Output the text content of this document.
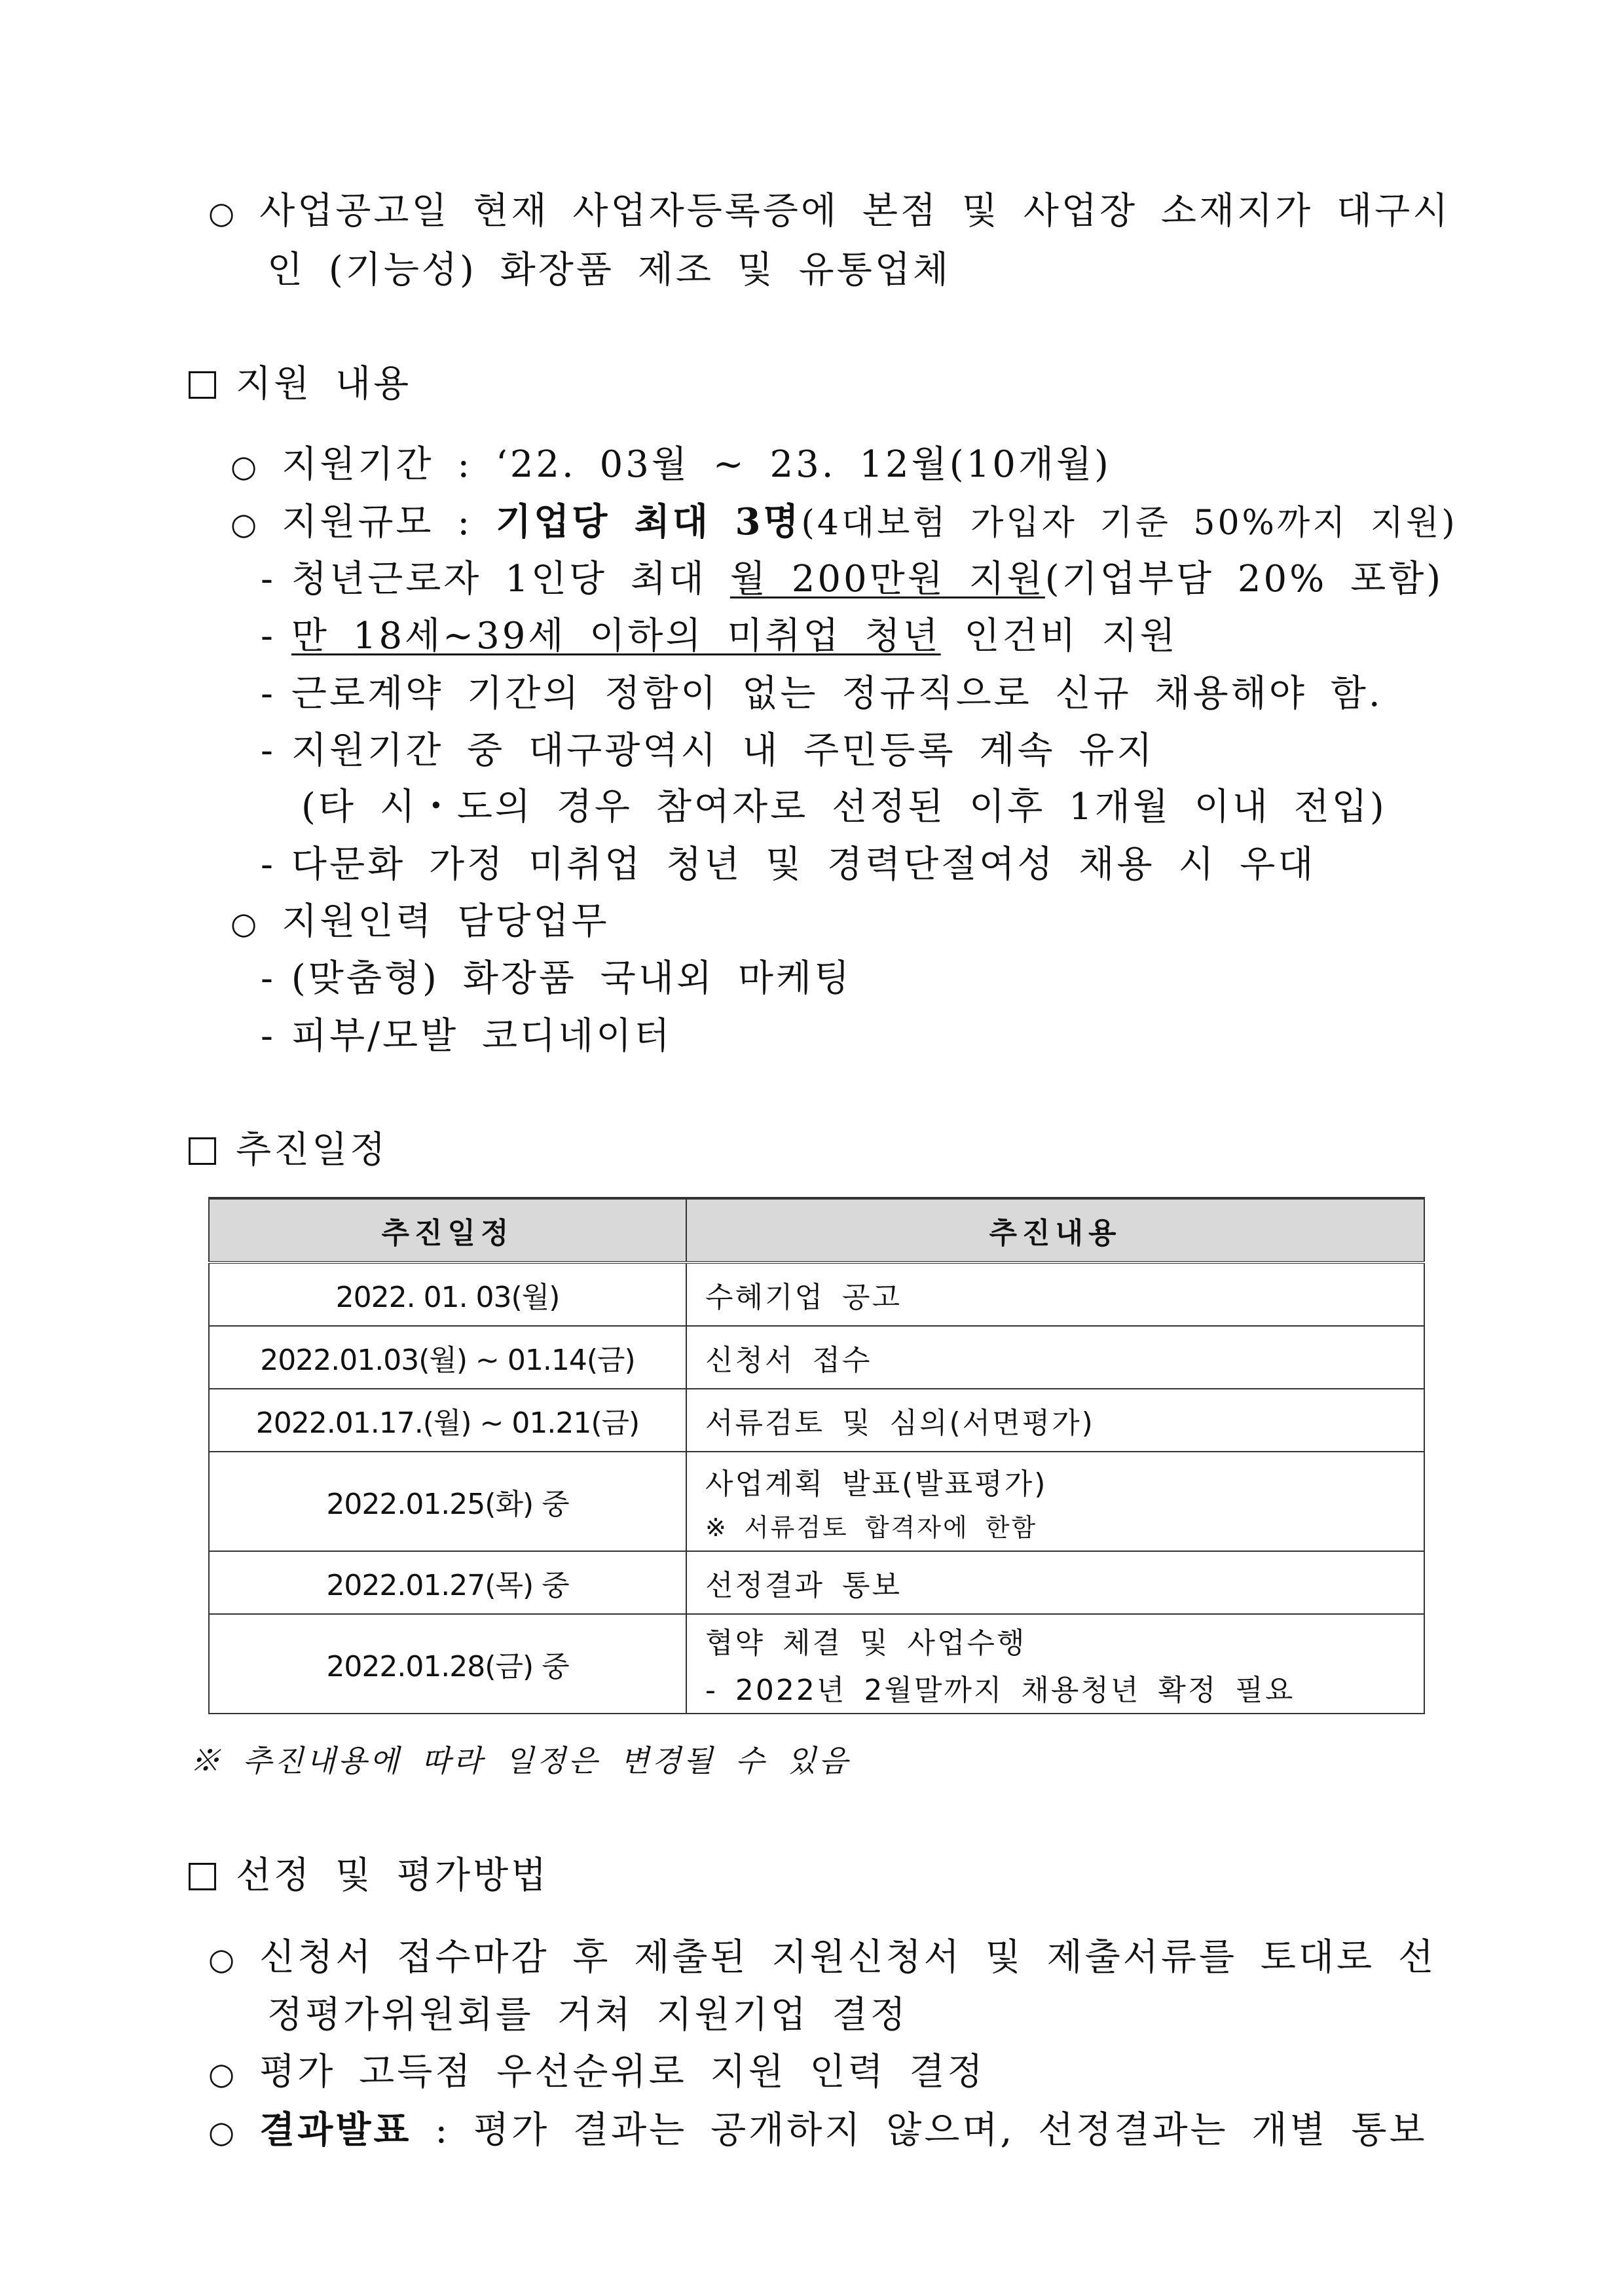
○ 사업공고일 현재 사업자등록증에 본점 및 사업장 소재지가 대구시
인 (기능성) 화장품 제조 및 유통업체
지원 내용
○ 지원기간 : ‘22. 03월 ~ 23. 12월(10개월)
○ 지원규모 : 기업당 최대 3명(4대보험 가입자 기준 50%까지 지원)
- 청년근로자 1인당 최대 월 200만원 지원(기업부담 20% 포함)
- 만 18세~39세 이하의 미취업 청년 인건비 지원
- 근로계약 기간의 정함이 없는 정규직으로 신규 채용해야 함.
- 지원기간 중 대구광역시 내 주민등록 계속 유지
(타 시・도의 경우 참여자로 선정된 이후 1개월 이내 전입)
- 다문화 가정 미취업 청년 및 경력단절여성 채용 시 우대
○ 지원인력 담당업무
- (맞춤형) 화장품 국내외 마케팅
- 피부/모발 코디네이터
추진일정
추진일정	추진내용
2022. 01. 03(월)	수혜기업 공고
2022.01.03(월) ~ 01.14(금)	신청서 접수
2022.01.17.(월) ~ 01.21(금)	서류검토 및 심의(서면평가)
2022.01.25(화) 중	사업계획 발표(발표평가)
※ 서류검토 합격자에 한함

2022.01.27(목) 중	선정결과 통보
2022.01.28(금) 중	협약 체결 및 사업수행
- 2022년 2월말까지 채용청년 확정 필요
※ 추진내용에 따라 일정은 변경될 수 있음
선정 및 평가방법
○ 신청서 접수마감 후 제출된 지원신청서 및 제출서류를 토대로 선
정평가위원회를 거쳐 지원기업 결정
○ 평가 고득점 우선순위로 지원 인력 결정
○ 결과발표 : 평가 결과는 공개하지 않으며, 선정결과는 개별 통보
